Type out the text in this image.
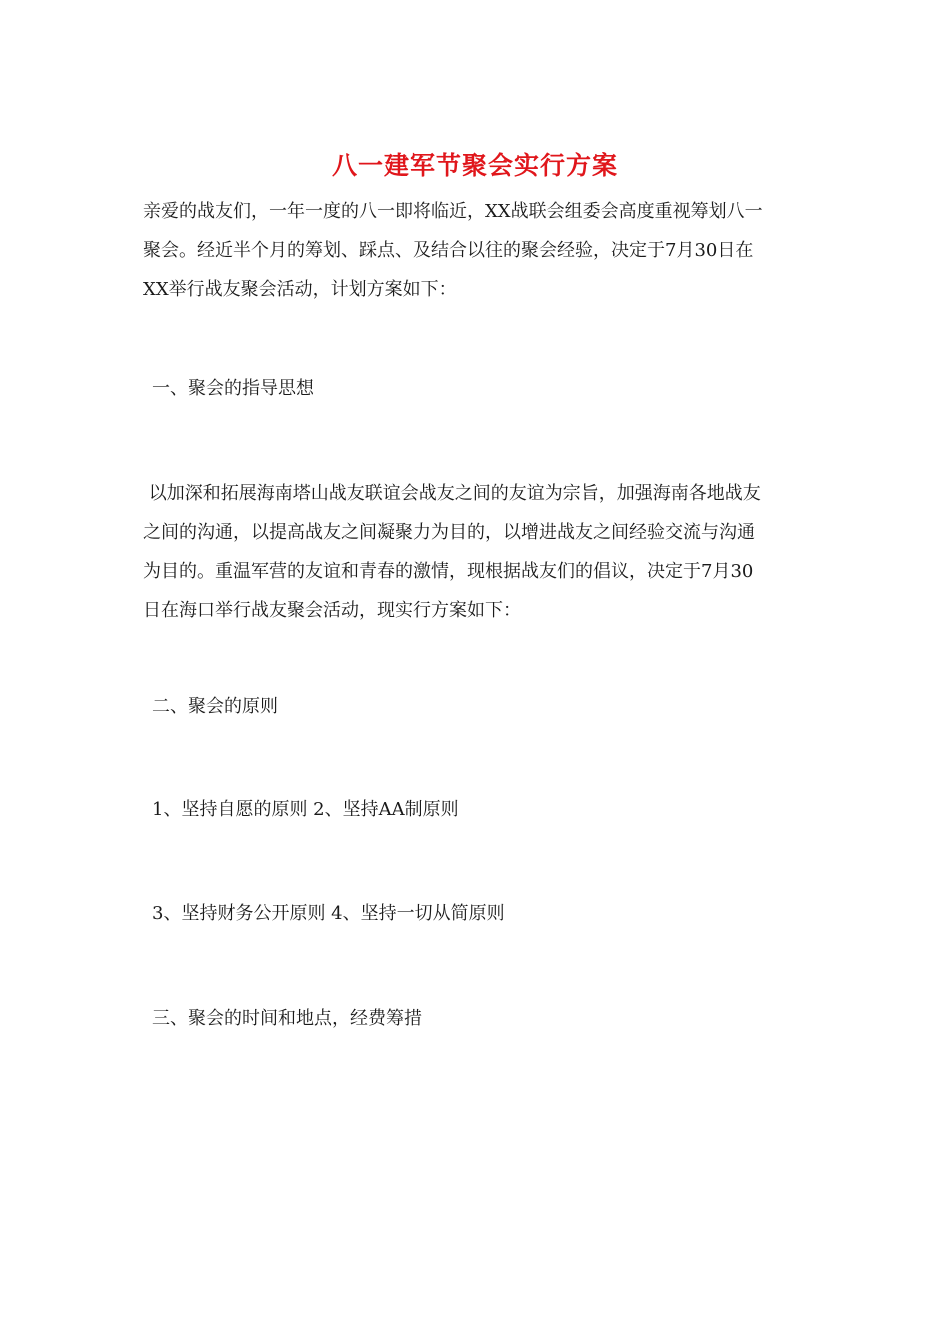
八一建军节聚会实行方案

亲爱的战友们，一年一度的八一即将临近，XX战联会组委会高度重视筹划八一
聚会。经近半个月的筹划、踩点、及结合以往的聚会经验，决定于7月30日在
XX举行战友聚会活动，计划方案如下：

一、聚会的指导思想

以加深和拓展海南塔山战友联谊会战友之间的友谊为宗旨，加强海南各地战友
之间的沟通，以提高战友之间凝聚力为目的，以增进战友之间经验交流与沟通
为目的。重温军营的友谊和青春的激情，现根据战友们的倡议，决定于7月30
日在海口举行战友聚会活动，现实行方案如下：

二、聚会的原则

1、坚持自愿的原则 2、坚持AA制原则

3、坚持财务公开原则 4、坚持一切从简原则

三、聚会的时间和地点，经费筹措
